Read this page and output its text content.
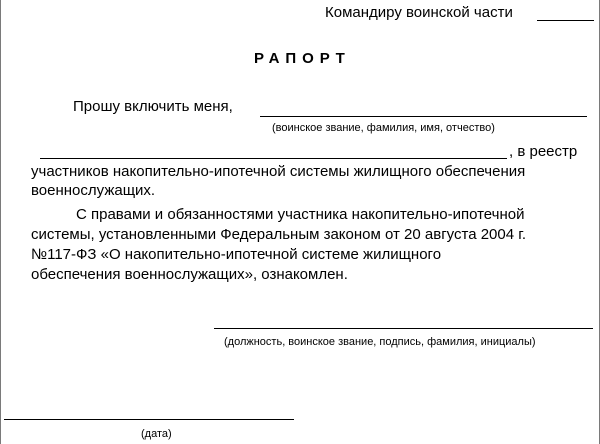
Командиру воинской части
РАПОРТ
Прошу включить меня,
(воинское звание, фамилия, имя, отчество)
, в реестр
участников накопительно-ипотечной системы жилищного обеспечения
военнослужащих.
С правами и обязанностями участника накопительно-ипотечной
системы, установленными Федеральным законом от 20 августа 2004 г.
№117-ФЗ «О накопительно-ипотечной системе жилищного
обеспечения военнослужащих», ознакомлен.
(должность, воинское звание, подпись, фамилия, инициалы)
(дата)
